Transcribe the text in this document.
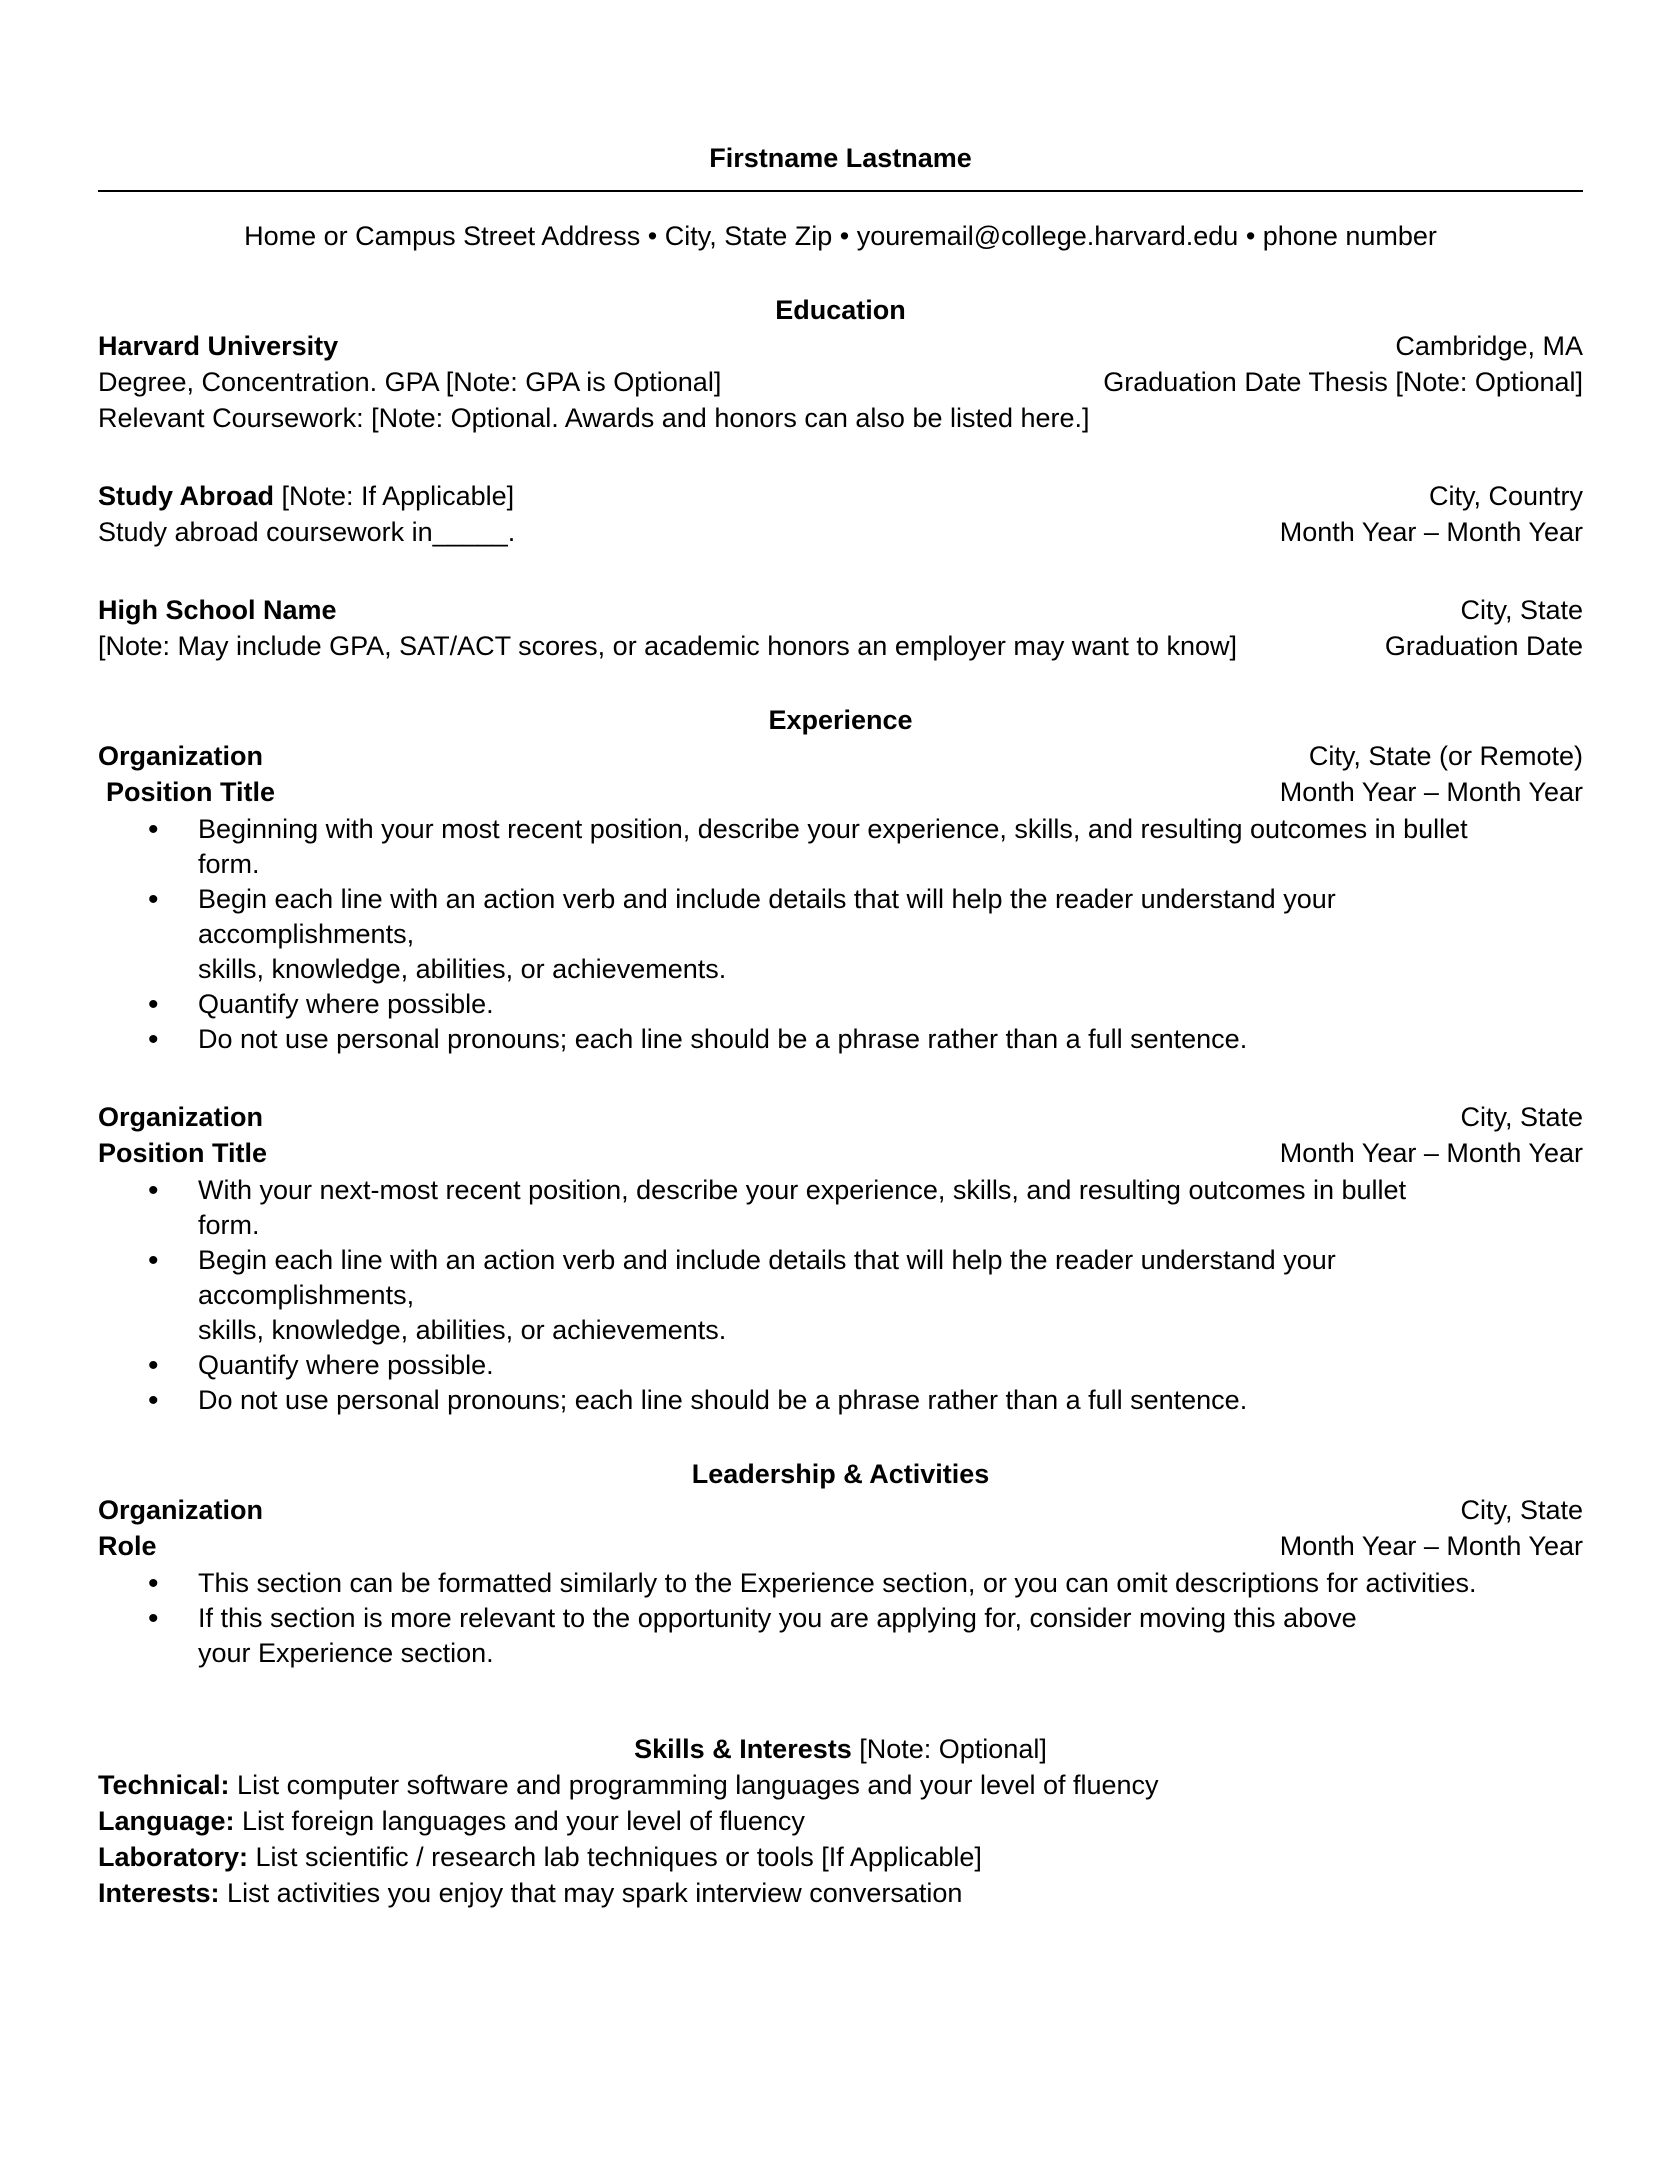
Firstname Lastname
Home or Campus Street Address • City, State Zip • youremail@college.harvard.edu • phone number
Education
Harvard University	Cambridge, MA
Degree, Concentration. GPA [Note: GPA is Optional]	Graduation Date Thesis [Note: Optional]
Relevant Coursework: [Note: Optional. Awards and honors can also be listed here.]
Study Abroad [Note: If Applicable]	City, Country
Study abroad coursework in_____.	Month Year – Month Year
High School Name	City, State
[Note: May include GPA, SAT/ACT scores, or academic honors an employer may want to know]	Graduation Date
Experience
Organization	City, State (or Remote)
Position Title	Month Year – Month Year
• Beginning with your most recent position, describe your experience, skills, and resulting outcomes in bullet
form.
• Begin each line with an action verb and include details that will help the reader understand your
accomplishments,
skills, knowledge, abilities, or achievements.
• Quantify where possible.
• Do not use personal pronouns; each line should be a phrase rather than a full sentence.
Organization	City, State
Position Title	Month Year – Month Year
• With your next-most recent position, describe your experience, skills, and resulting outcomes in bullet
form.
• Begin each line with an action verb and include details that will help the reader understand your
accomplishments,
skills, knowledge, abilities, or achievements.
• Quantify where possible.
• Do not use personal pronouns; each line should be a phrase rather than a full sentence.
Leadership & Activities
Organization	City, State
Role	Month Year – Month Year
• This section can be formatted similarly to the Experience section, or you can omit descriptions for activities.
• If this section is more relevant to the opportunity you are applying for, consider moving this above
your Experience section.
Skills & Interests [Note: Optional]
Technical: List computer software and programming languages and your level of fluency
Language: List foreign languages and your level of fluency
Laboratory: List scientific / research lab techniques or tools [If Applicable]
Interests: List activities you enjoy that may spark interview conversation
